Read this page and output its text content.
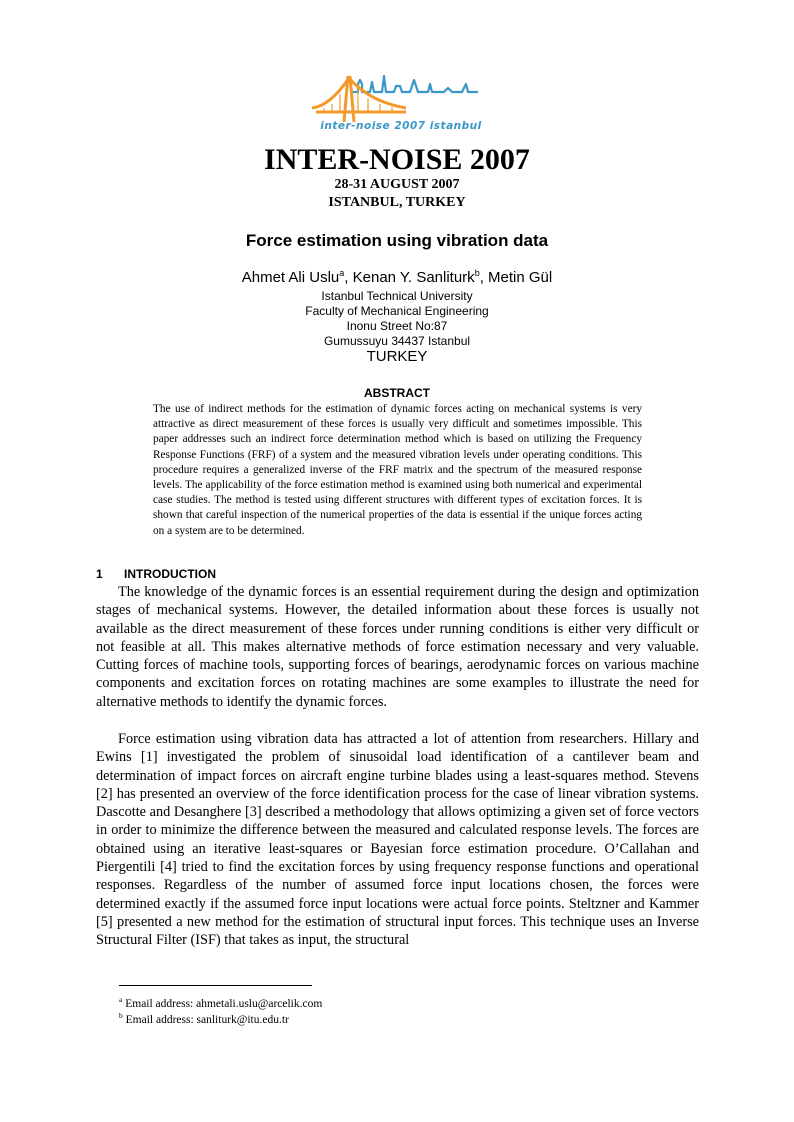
inter-noise 2007 istanbul
INTER-NOISE 2007
28-31 AUGUST 2007
ISTANBUL, TURKEY
Force estimation using vibration data
Ahmet Ali Uslu$^a$, Kenan Y. Sanliturk$^b$, Metin Gül
Istanbul Technical University
Faculty of Mechanical Engineering
Inonu Street No:87
Gumussuyu 34437 Istanbul
TURKEY
ABSTRACT

The use of indirect methods for the estimation of dynamic forces acting on mechanical systems is very attractive as direct measurement of these forces is usually very difficult and sometimes impossible. This paper addresses such an indirect force determination method which is based on utilizing the Frequency Response Functions (FRF) of a system and the measured vibration levels under operating conditions. This procedure requires a generalized inverse of the FRF matrix and the spectrum of the measured response levels. The applicability of the force estimation method is examined using both numerical and experimental case studies. The method is tested using different structures with different types of excitation forces. It is shown that careful inspection of the numerical properties of the data is essential if the unique forces acting on a system are to be determined.

1 INTRODUCTION

The knowledge of the dynamic forces is an essential requirement during the design and optimization stages of mechanical systems. However, the detailed information about these forces is usually not available as the direct measurement of these forces under running conditions is either very difficult or not feasible at all. This makes alternative methods of force estimation necessary and very valuable. Cutting forces of machine tools, supporting forces of bearings, aerodynamic forces on various machine components and excitation forces on rotating machines are some examples to illustrate the need for alternative methods to identify the dynamic forces.

Force estimation using vibration data has attracted a lot of attention from researchers. Hillary and Ewins [1] investigated the problem of sinusoidal load identification of a cantilever beam and determination of impact forces on aircraft engine turbine blades using a least-squares method. Stevens [2] has presented an overview of the force identification process for the case of linear vibration systems. Dascotte and Desanghere [3] described a methodology that allows optimizing a given set of force vectors in order to minimize the difference between the measured and calculated response levels. The forces are obtained using an iterative least-squares or Bayesian force estimation procedure. O’Callahan and Piergentili [4] tried to find the excitation forces by using frequency response functions and operational responses. Regardless of the number of assumed force input locations chosen, the forces were determined exactly if the assumed force input locations were actual force points. Steltzner and Kammer [5] presented a new method for the estimation of structural input forces. This technique uses an Inverse Structural Filter (ISF) that takes as input, the structural

$^a$ Email address: ahmetali.uslu@arcelik.com
$^b$ Email address: sanliturk@itu.edu.tr
